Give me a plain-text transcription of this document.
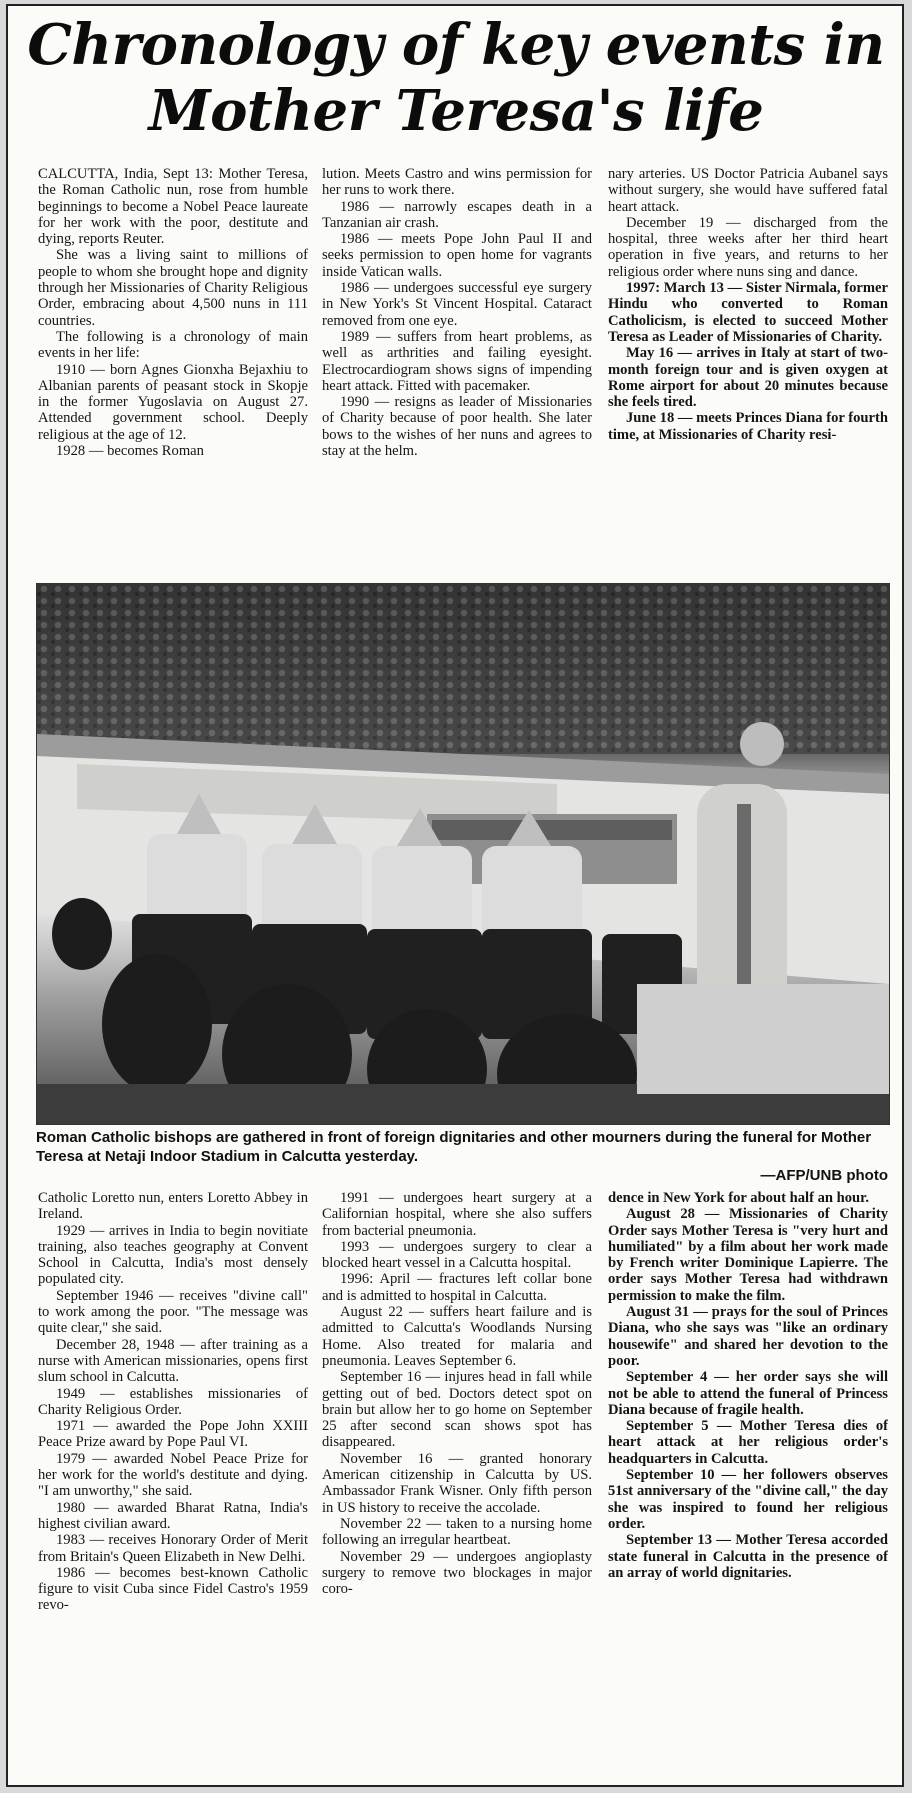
Chronology of key events in
Mother Teresa's life

CALCUTTA, India, Sept 13: Mother Teresa, the Roman Catholic nun, rose from humble beginnings to become a Nobel Peace laureate for her work with the poor, destitute and dying, reports Reuter.

She was a living saint to millions of people to whom she brought hope and dignity through her Missionaries of Charity Religious Order, embracing about 4,500 nuns in 111 countries.

The following is a chronology of main events in her life:

1910 — born Agnes Gionxha Bejaxhiu to Albanian parents of peasant stock in Skopje in the former Yugoslavia on August 27. Attended government school. Deeply religious at the age of 12.

1928 — becomes Roman

lution. Meets Castro and wins permission for her runs to work there.

1986 — narrowly escapes death in a Tanzanian air crash.

1986 — meets Pope John Paul II and seeks permission to open home for vagrants inside Vatican walls.

1986 — undergoes successful eye surgery in New York's St Vincent Hospital. Cataract removed from one eye.

1989 — suffers from heart problems, as well as arthrities and failing eyesight. Electrocardiogram shows signs of impending heart attack. Fitted with pacemaker.

1990 — resigns as leader of Missionaries of Charity because of poor health. She later bows to the wishes of her nuns and agrees to stay at the helm.

nary arteries. US Doctor Patricia Aubanel says without surgery, she would have suffered fatal heart attack.

December 19 — discharged from the hospital, three weeks after her third heart operation in five years, and returns to her religious order where nuns sing and dance.

1997: March 13 — Sister Nirmala, former Hindu who converted to Roman Catholicism, is elected to succeed Mother Teresa as Leader of Missionaries of Charity.

May 16 — arrives in Italy at start of two-month foreign tour and is given oxygen at Rome airport for about 20 minutes because she feels tired.

June 18 — meets Princes Diana for fourth time, at Missionaries of Charity resi-

Roman Catholic bishops are gathered in front of foreign dignitaries and other mourners during the funeral for Mother Teresa at Netaji Indoor Stadium in Calcutta yesterday.
—AFP/UNB photo

Catholic Loretto nun, enters Loretto Abbey in Ireland.

1929 — arrives in India to begin novitiate training, also teaches geography at Convent School in Calcutta, India's most densely populated city.

September 1946 — receives "divine call" to work among the poor. "The message was quite clear," she said.

December 28, 1948 — after training as a nurse with American missionaries, opens first slum school in Calcutta.

1949 — establishes missionaries of Charity Religious Order.

1971 — awarded the Pope John XXIII Peace Prize award by Pope Paul VI.

1979 — awarded Nobel Peace Prize for her work for the world's destitute and dying. "I am unworthy," she said.

1980 — awarded Bharat Ratna, India's highest civilian award.

1983 — receives Honorary Order of Merit from Britain's Queen Elizabeth in New Delhi.

1986 — becomes best-known Catholic figure to visit Cuba since Fidel Castro's 1959 revo-

1991 — undergoes heart surgery at a Californian hospital, where she also suffers from bacterial pneumonia.

1993 — undergoes surgery to clear a blocked heart vessel in a Calcutta hospital.

1996: April — fractures left collar bone and is admitted to hospital in Calcutta.

August 22 — suffers heart failure and is admitted to Calcutta's Woodlands Nursing Home. Also treated for malaria and pneumonia. Leaves September 6.

September 16 — injures head in fall while getting out of bed. Doctors detect spot on brain but allow her to go home on September 25 after second scan shows spot has disappeared.

November 16 — granted honorary American citizenship in Calcutta by US. Ambassador Frank Wisner. Only fifth person in US history to receive the accolade.

November 22 — taken to a nursing home following an irregular heartbeat.

November 29 — undergoes angioplasty surgery to remove two blockages in major coro-

dence in New York for about half an hour.

August 28 — Missionaries of Charity Order says Mother Teresa is "very hurt and humiliated" by a film about her work made by French writer Dominique Lapierre. The order says Mother Teresa had withdrawn permission to make the film.

August 31 — prays for the soul of Princes Diana, who she says was "like an ordinary housewife" and shared her devotion to the poor.

September 4 — her order says she will not be able to attend the funeral of Princess Diana because of fragile health.

September 5 — Mother Teresa dies of heart attack at her religious order's headquarters in Calcutta.

September 10 — her followers observes 51st anniversary of the "divine call," the day she was inspired to found her religious order.

September 13 — Mother Teresa accorded state funeral in Calcutta in the presence of an array of world dignitaries.
